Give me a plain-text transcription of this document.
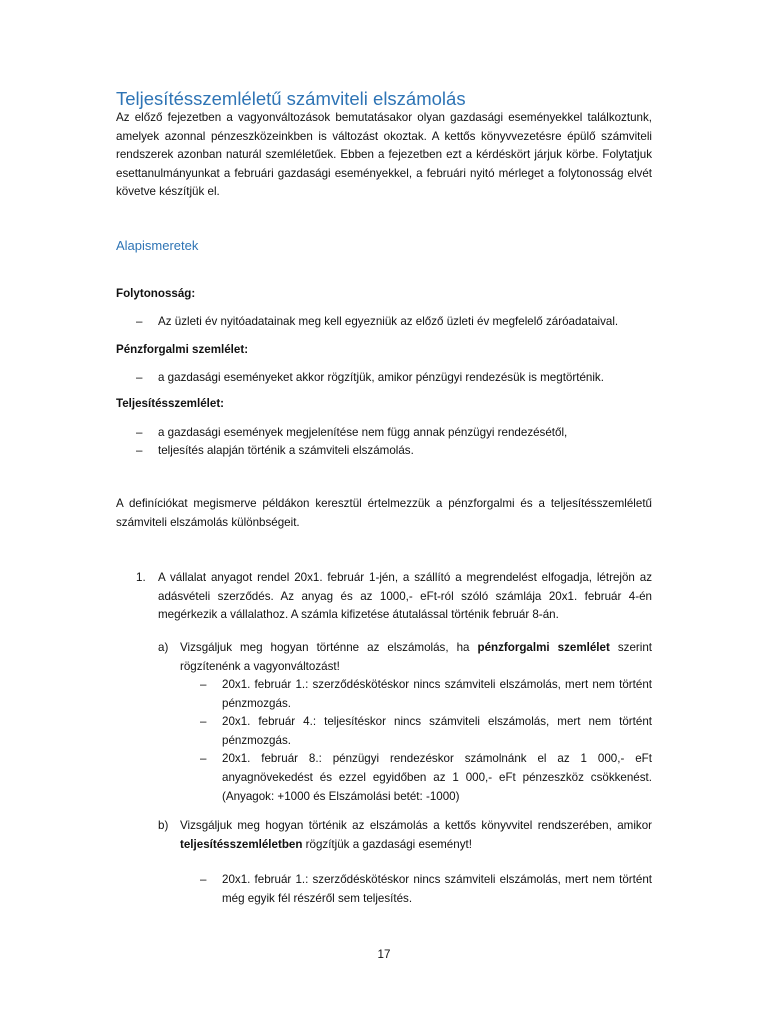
Teljesítésszemléletű számviteli elszámolás
Az előző fejezetben a vagyonváltozások bemutatásakor olyan gazdasági eseményekkel találkoztunk,
amelyek azonnal pénzeszközeinkben is változást okoztak. A kettős könyvvezetésre épülő számviteli
rendszerek azonban naturál szemléletűek. Ebben a fejezetben ezt a kérdéskört járjuk körbe. Folytatjuk
esettanulmányunkat a februári gazdasági eseményekkel, a februári nyitó mérleget a folytonosság elvét
követve készítjük el.
Alapismeretek
Folytonosság:
–	Az üzleti év nyitóadatainak meg kell egyezniük az előző üzleti év megfelelő záróadataival.
Pénzforgalmi szemlélet:
–	a gazdasági eseményeket akkor rögzítjük, amikor pénzügyi rendezésük is megtörténik.
Teljesítésszemlélet:
–	a gazdasági események megjelenítése nem függ annak pénzügyi rendezésétől,
–	teljesítés alapján történik a számviteli elszámolás.
A definíciókat megismerve példákon keresztül értelmezzük a pénzforgalmi és a teljesítésszemléletű
számviteli elszámolás különbségeit.
1. A vállalat anyagot rendel 20x1. február 1-jén, a szállító a megrendelést elfogadja, létrejön az
adásvételi szerződés. Az anyag és az 1000,- eFt-ról szóló számlája 20x1. február 4-én
megérkezik a vállalathoz. A számla kifizetése átutalással történik február 8-án.
a) Vizsgáljuk meg hogyan történne az elszámolás, ha pénzforgalmi szemlélet szerint
rögzítenénk a vagyonváltozást!
–	20x1. február 1.: szerződéskötéskor nincs számviteli elszámolás, mert nem történt
pénzmozgás.
–	20x1. február 4.: teljesítéskor nincs számviteli elszámolás, mert nem történt
pénzmozgás.
–	20x1. február 8.: pénzügyi rendezéskor számolnánk el az 1 000,- eFt
anyagnövekedést és ezzel egyidőben az 1 000,- eFt pénzeszköz csökkenést.
(Anyagok: +1000 és Elszámolási betét: -1000)
b) Vizsgáljuk meg hogyan történik az elszámolás a kettős könyvvitel rendszerében, amikor
teljesítésszemléletben rögzítjük a gazdasági eseményt!
–	20x1. február 1.: szerződéskötéskor nincs számviteli elszámolás, mert nem történt
még egyik fél részéről sem teljesítés.
17
